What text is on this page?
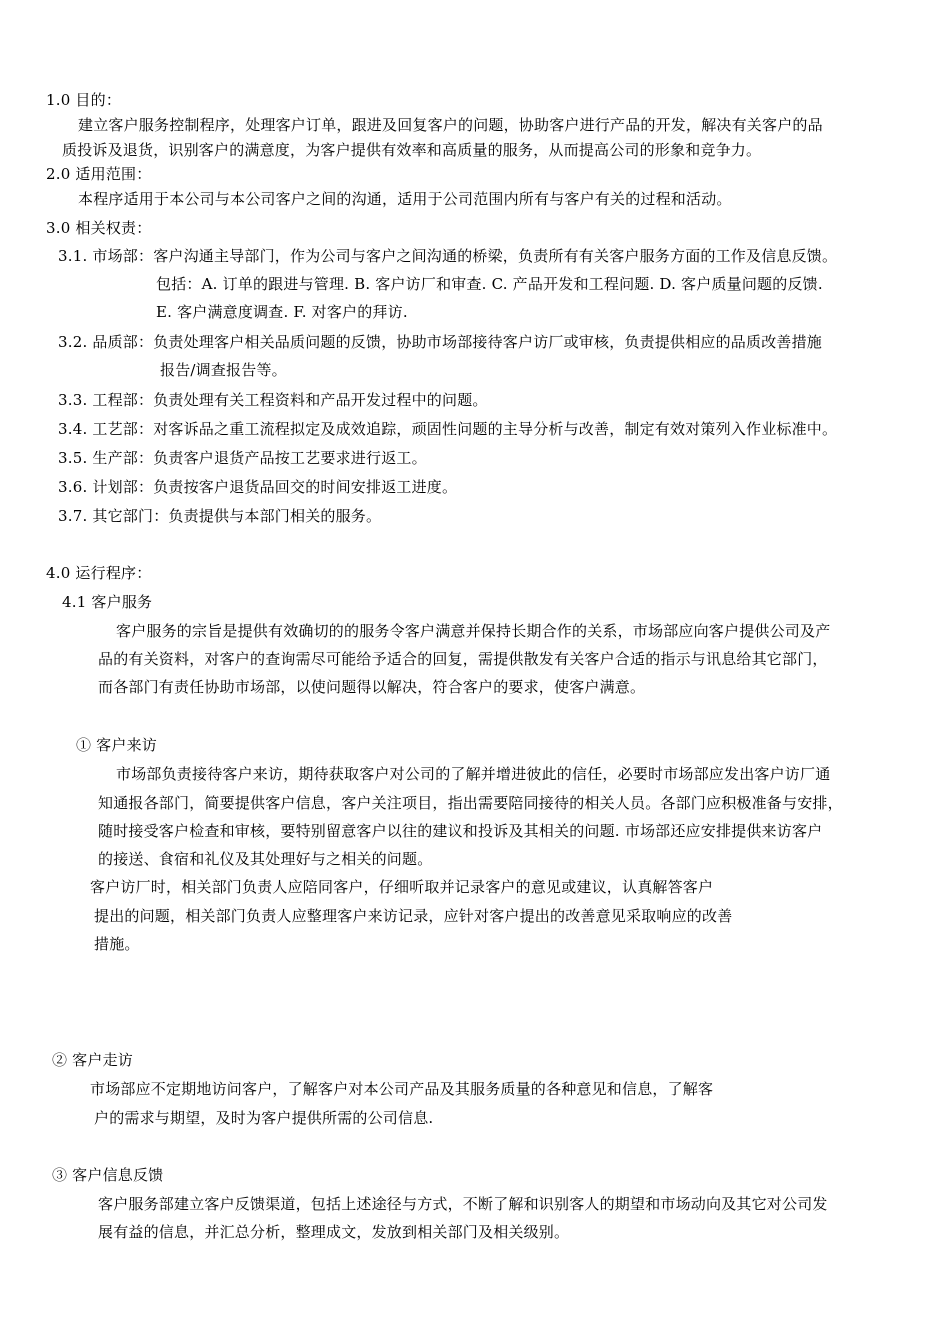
1.0 目的：
建立客户服务控制程序，处理客户订单，跟进及回复客户的问题，协助客户进行产品的开发，解决有关客户的品
质投诉及退货，识别客户的满意度，为客户提供有效率和高质量的服务，从而提高公司的形象和竞争力。
2.0 适用范围：
本程序适用于本公司与本公司客户之间的沟通，适用于公司范围内所有与客户有关的过程和活动。
3.0 相关权责：
3.1. 市场部：客户沟通主导部门，作为公司与客户之间沟通的桥梁，负责所有有关客户服务方面的工作及信息反馈。
包括：A. 订单的跟进与管理. B. 客户访厂和审查. C. 产品开发和工程问题. D. 客户质量问题的反馈.
E. 客户满意度调查. F. 对客户的拜访.
3.2. 品质部：负责处理客户相关品质问题的反馈，协助市场部接待客户访厂或审核，负责提供相应的品质改善措施
报告/调查报告等。
3.3. 工程部：负责处理有关工程资料和产品开发过程中的问题。
3.4. 工艺部：对客诉品之重工流程拟定及成效追踪，顽固性问题的主导分析与改善，制定有效对策列入作业标准中。
3.5. 生产部：负责客户退货产品按工艺要求进行返工。
3.6. 计划部：负责按客户退货品回交的时间安排返工进度。
3.7. 其它部门：负责提供与本部门相关的服务。
4.0 运行程序：
4.1 客户服务
客户服务的宗旨是提供有效确切的的服务令客户满意并保持长期合作的关系，市场部应向客户提供公司及产
品的有关资料，对客户的查询需尽可能给予适合的回复，需提供散发有关客户合适的指示与讯息给其它部门，
而各部门有责任协助市场部，以使问题得以解决，符合客户的要求，使客户满意。
① 客户来访
市场部负责接待客户来访，期待获取客户对公司的了解并增进彼此的信任，必要时市场部应发出客户访厂通
知通报各部门，简要提供客户信息，客户关注项目，指出需要陪同接待的相关人员。各部门应积极准备与安排，
随时接受客户检查和审核，要特别留意客户以往的建议和投诉及其相关的问题. 市场部还应安排提供来访客户
的接送、食宿和礼仪及其处理好与之相关的问题。
客户访厂时，相关部门负责人应陪同客户，仔细听取并记录客户的意见或建议，认真解答客户
提出的问题，相关部门负责人应整理客户来访记录，应针对客户提出的改善意见采取响应的改善
措施。
② 客户走访
市场部应不定期地访问客户，了解客户对本公司产品及其服务质量的各种意见和信息，了解客
户的需求与期望，及时为客户提供所需的公司信息.
③ 客户信息反馈
客户服务部建立客户反馈渠道，包括上述途径与方式，不断了解和识别客人的期望和市场动向及其它对公司发
展有益的信息，并汇总分析，整理成文，发放到相关部门及相关级别。
